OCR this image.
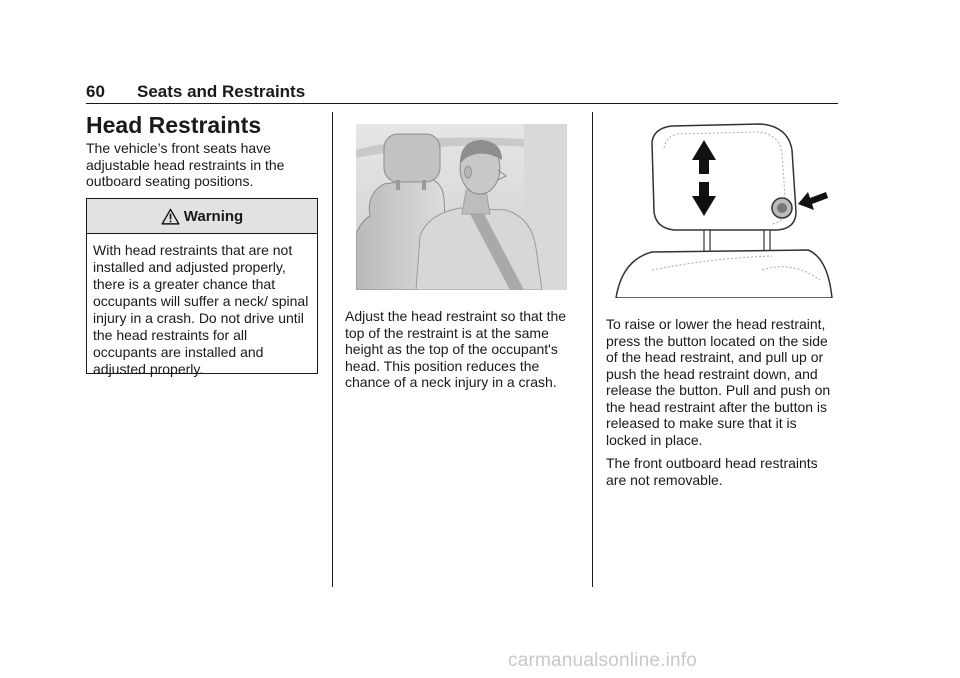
60 Seats and Restraints
Head Restraints

The vehicle’s front seats have adjustable head restraints in the outboard seating positions.

Warning
With head restraints that are not installed and adjusted properly, there is a greater chance that occupants will suffer a neck/ spinal injury in a crash. Do not drive until the head restraints for all occupants are installed and adjusted properly.

Adjust the head restraint so that the top of the restraint is at the same height as the top of the occupant's head. This position reduces the chance of a neck injury in a crash.

To raise or lower the head restraint, press the button located on the side of the head restraint, and pull up or push the head restraint down, and release the button. Pull and push on the head restraint after the button is released to make sure that it is locked in place.

The front outboard head restraints are not removable.

carmanualsonline.info
